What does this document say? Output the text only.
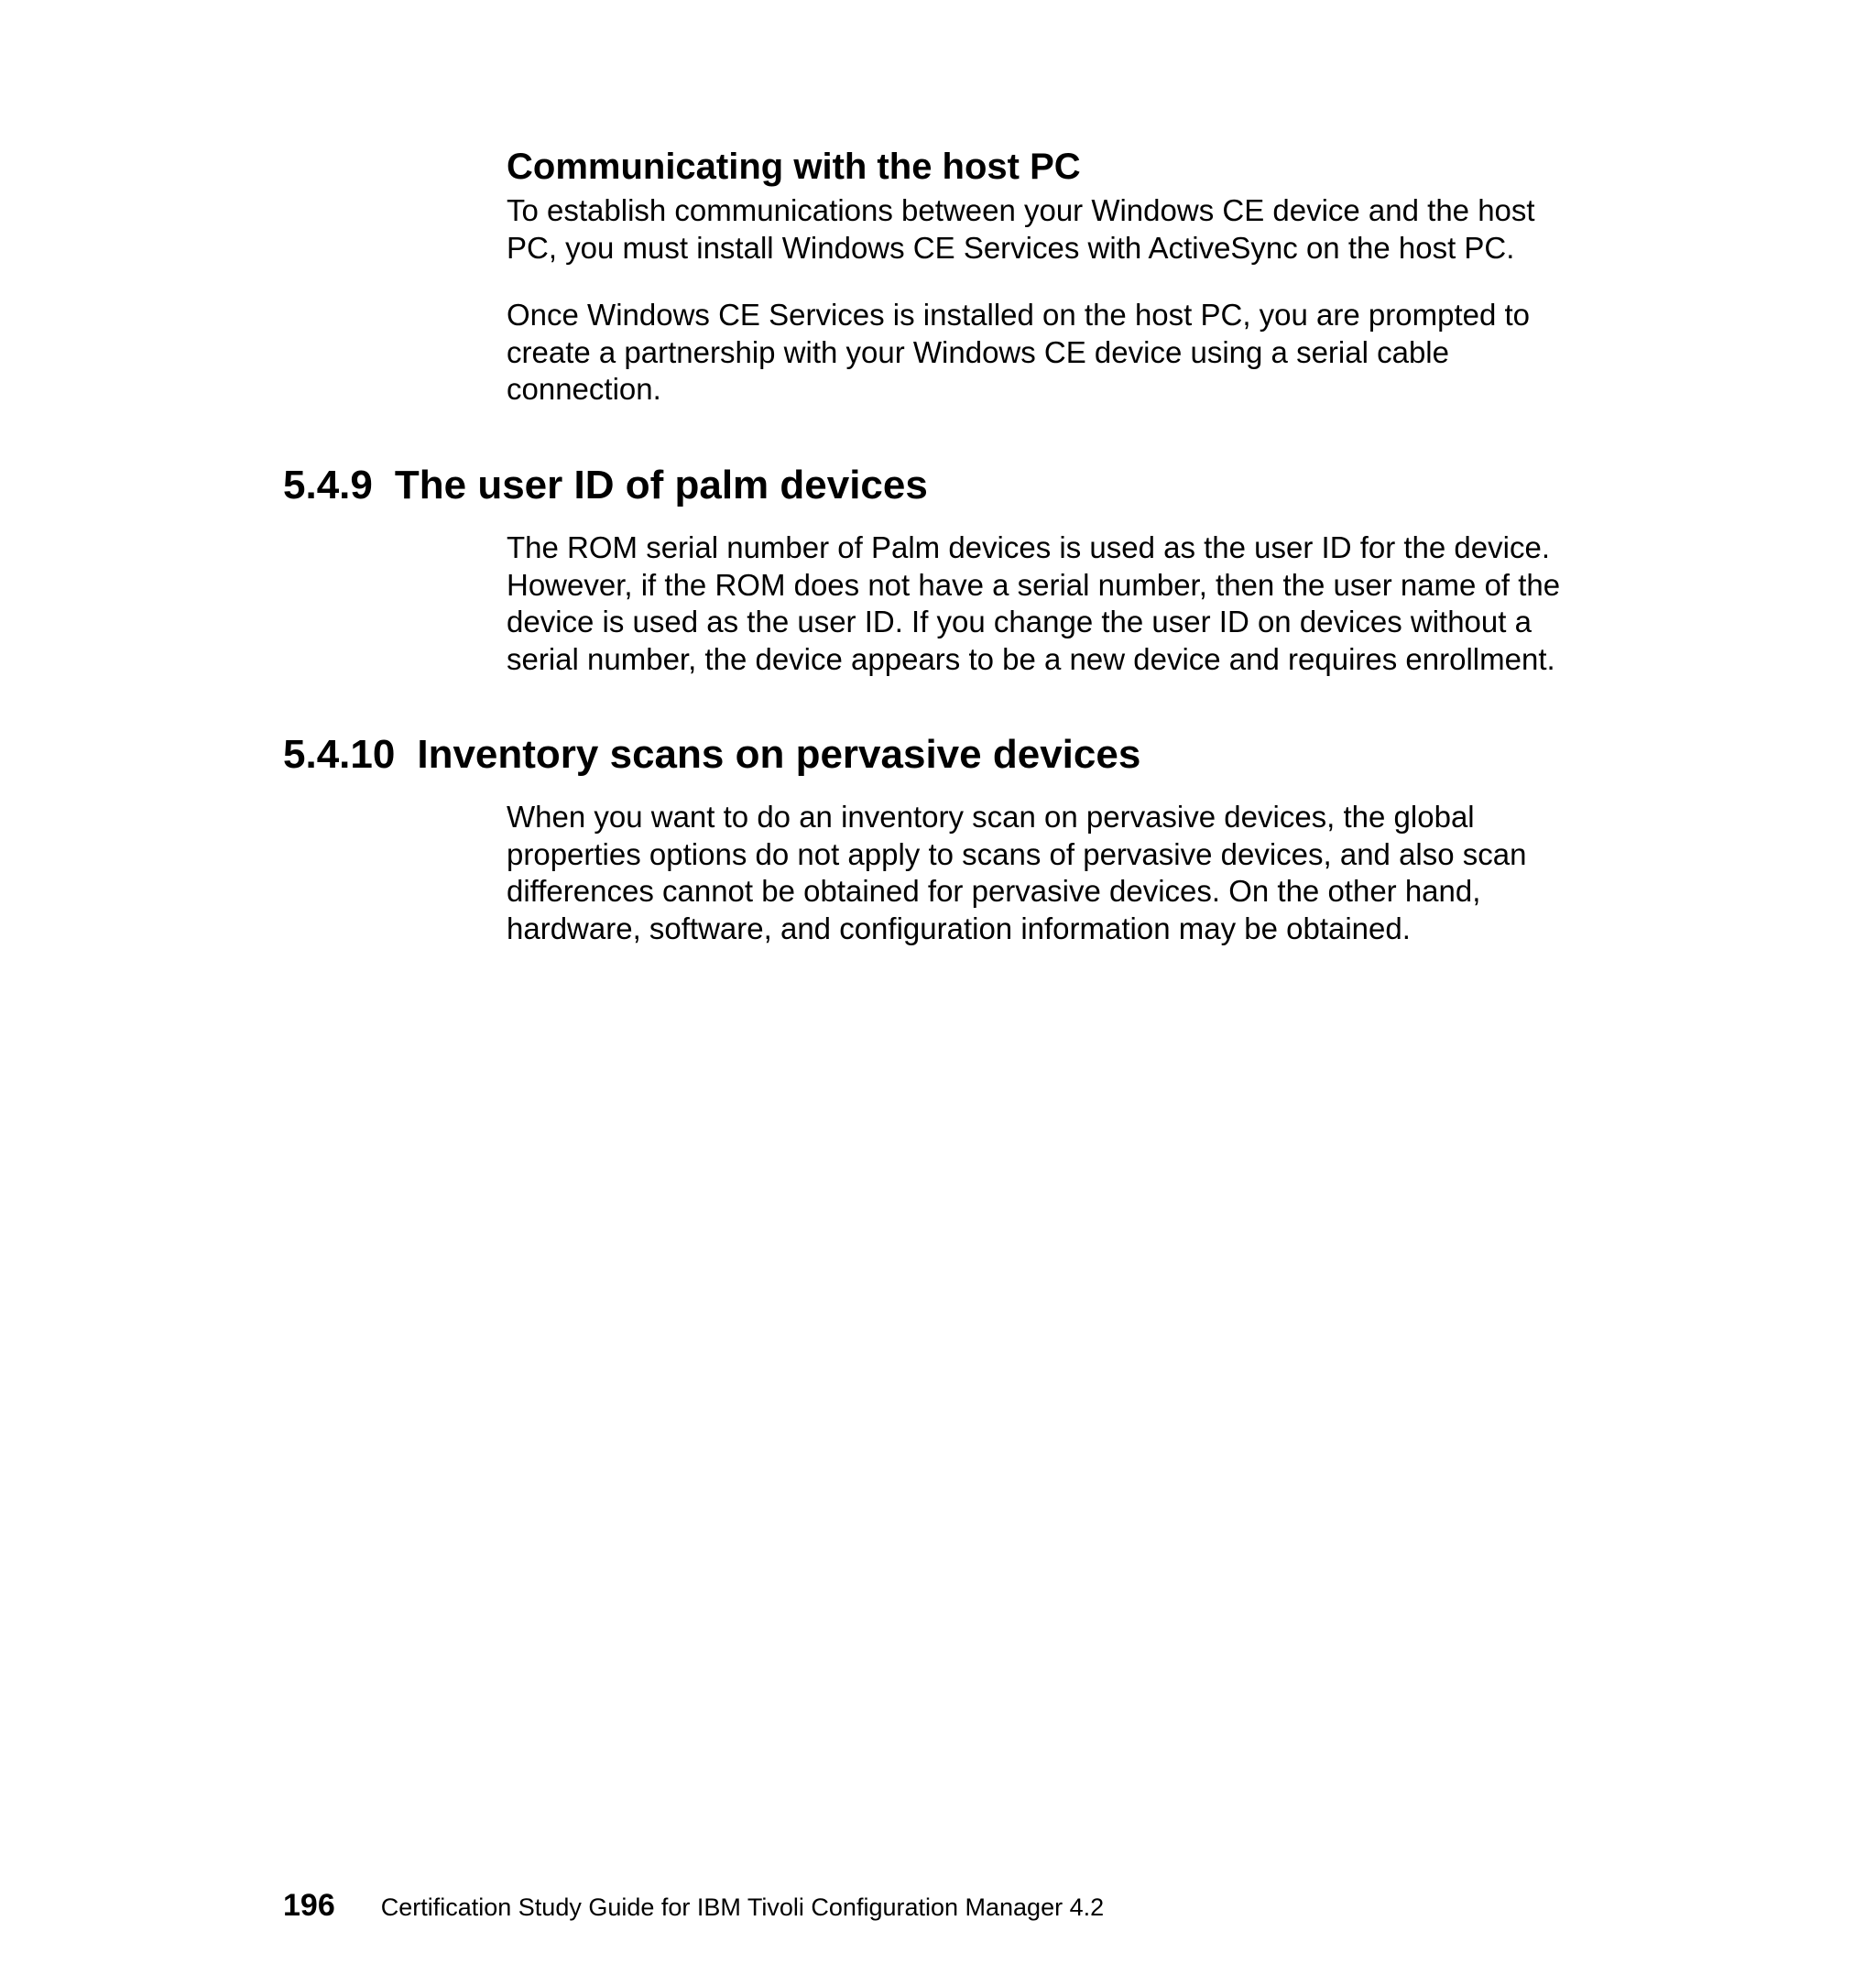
Communicating with the host PC

To establish communications between your Windows CE device and the host
PC, you must install Windows CE Services with ActiveSync on the host PC.

Once Windows CE Services is installed on the host PC, you are prompted to
create a partnership with your Windows CE device using a serial cable
connection.

5.4.9 The user ID of palm devices

The ROM serial number of Palm devices is used as the user ID for the device.
However, if the ROM does not have a serial number, then the user name of the
device is used as the user ID. If you change the user ID on devices without a
serial number, the device appears to be a new device and requires enrollment.

5.4.10 Inventory scans on pervasive devices

When you want to do an inventory scan on pervasive devices, the global
properties options do not apply to scans of pervasive devices, and also scan
differences cannot be obtained for pervasive devices. On the other hand,
hardware, software, and configuration information may be obtained.

196 Certification Study Guide for IBM Tivoli Configuration Manager 4.2
